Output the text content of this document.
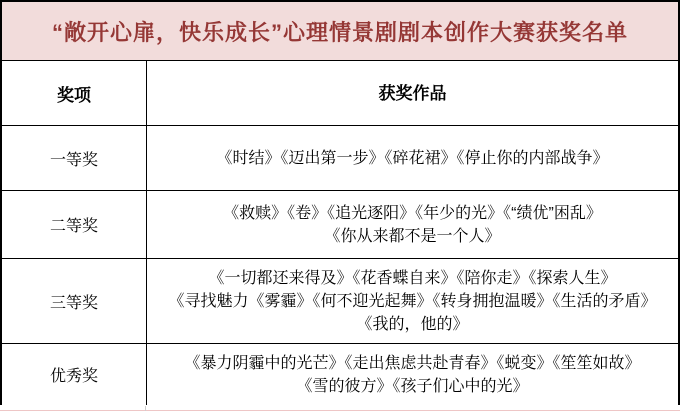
“敞开心扉，快乐成长”心理情景剧剧本创作大赛获奖名单
奖项	获奖作品
一等奖	《时结》《迈出第一步》《碎花裙》《停止你的内部战争》
二等奖
《救赎》《卷》《追光逐阳》《年少的光》《“绩优”困乱》
《你从来都不是一个人》
三等奖
《一切都还来得及》《花香蝶自来》《陪你走》《探索人生》
《寻找魅力《雾霾》《何不迎光起舞》《转身拥抱温暖》《生活的矛盾》
《我的，他的》
优秀奖
《暴力阴霾中的光芒》《走出焦虑共赴青春》《蜕变》《笙笙如故》
《雪的彼方》《孩子们心中的光》
